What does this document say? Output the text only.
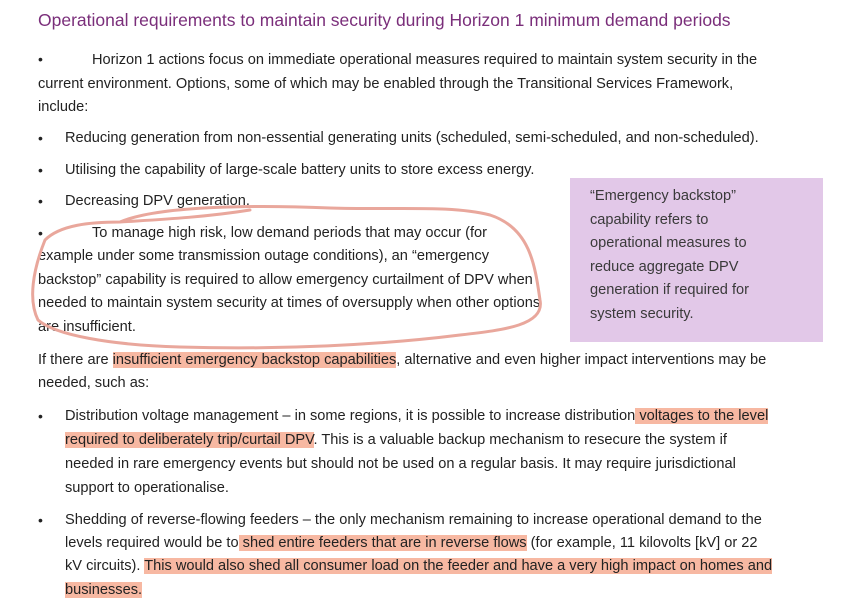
Operational requirements to maintain security during Horizon 1 minimum demand periods
•	Horizon 1 actions focus on immediate operational measures required to maintain system security in the
current environment. Options, some of which may be enabled through the Transitional Services Framework,
include:
• Reducing generation from non-essential generating units (scheduled, semi-scheduled, and non-scheduled).
• Utilising the capability of large-scale battery units to store excess energy.
• Decreasing DPV generation.
•	To manage high risk, low demand periods that may occur (for
example under some transmission outage conditions), an “emergency
backstop” capability is required to allow emergency curtailment of DPV when
needed to maintain system security at times of oversupply when other options
are insufficient.
“Emergency backstop”
capability refers to
operational measures to
reduce aggregate DPV
generation if required for
system security.
If there are insufficient emergency backstop capabilities, alternative and even higher impact interventions may be
needed, such as:
• Distribution voltage management – in some regions, it is possible to increase distribution voltages to the level
required to deliberately trip/curtail DPV. This is a valuable backup mechanism to resecure the system if
needed in rare emergency events but should not be used on a regular basis. It may require jurisdictional
support to operationalise.
• Shedding of reverse-flowing feeders – the only mechanism remaining to increase operational demand to the
levels required would be to shed entire feeders that are in reverse flows (for example, 11 kilovolts [kV] or 22
kV circuits). This would also shed all consumer load on the feeder and have a very high impact on homes and
businesses.
